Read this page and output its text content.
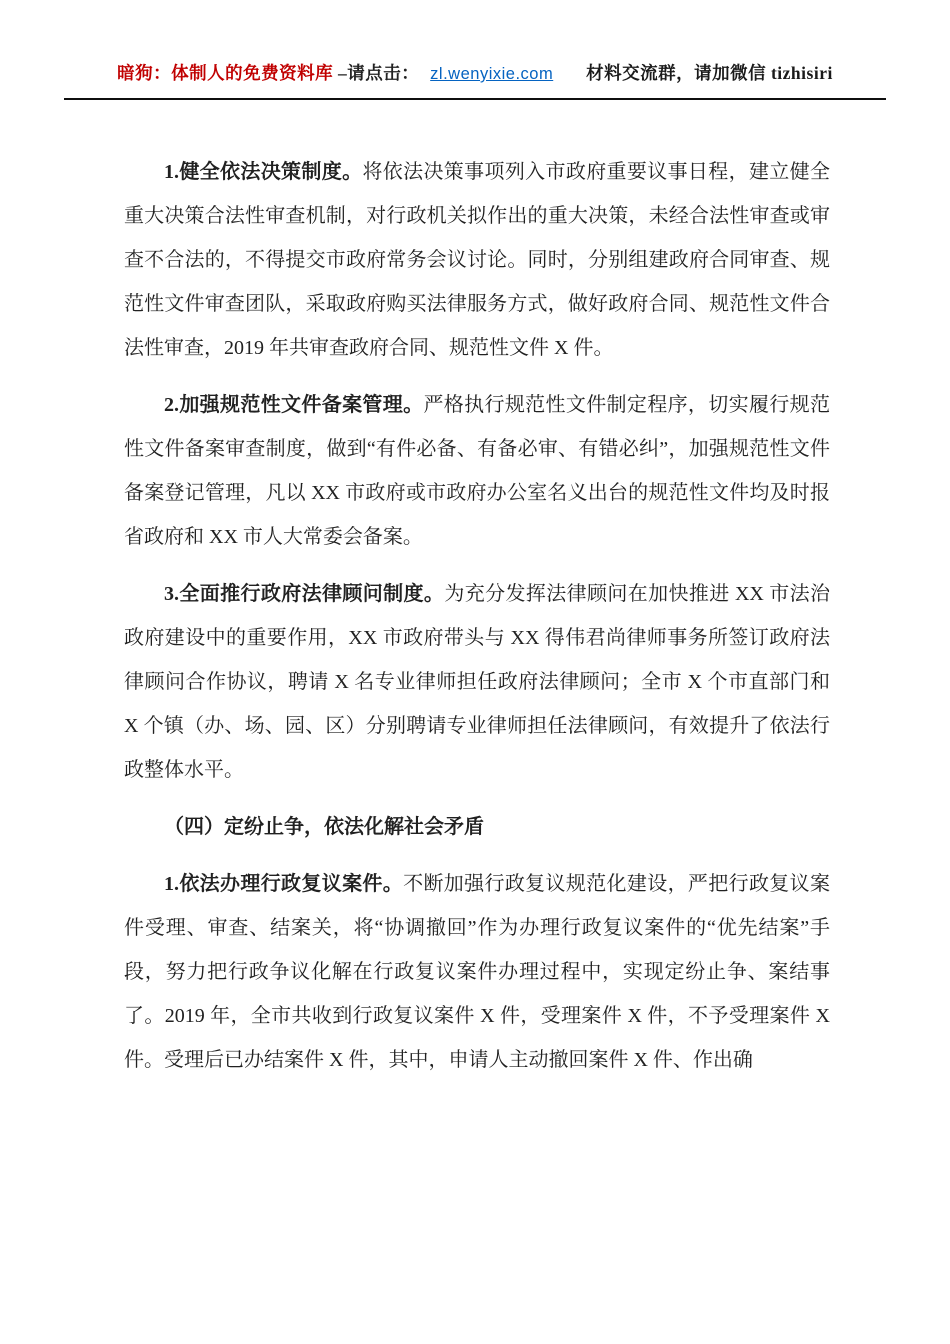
暗狗：体制人的免费资料库 –请点击： zl.wenyixie.com 材料交流群，请加微信 tizhisiri

1.健全依法决策制度。将依法决策事项列入市政府重要议事日程，建立健全重大决策合法性审查机制，对行政机关拟作出的重大决策，未经合法性审查或审查不合法的，不得提交市政府常务会议讨论。同时，分别组建政府合同审查、规范性文件审查团队，采取政府购买法律服务方式，做好政府合同、规范性文件合法性审查，2019 年共审查政府合同、规范性文件 X 件。

2.加强规范性文件备案管理。严格执行规范性文件制定程序，切实履行规范性文件备案审查制度，做到“有件必备、有备必审、有错必纠”，加强规范性文件备案登记管理，凡以 XX 市政府或市政府办公室名义出台的规范性文件均及时报省政府和 XX 市人大常委会备案。

3.全面推行政府法律顾问制度。为充分发挥法律顾问在加快推进 XX 市法治政府建设中的重要作用，XX 市政府带头与 XX 得伟君尚律师事务所签订政府法律顾问合作协议，聘请 X 名专业律师担任政府法律顾问；全市 X 个市直部门和 X 个镇（办、场、园、区）分别聘请专业律师担任法律顾问，有效提升了依法行政整体水平。

（四）定纷止争，依法化解社会矛盾

1.依法办理行政复议案件。不断加强行政复议规范化建设，严把行政复议案件受理、审查、结案关，将“协调撤回”作为办理行政复议案件的“优先结案”手段，努力把行政争议化解在行政复议案件办理过程中，实现定纷止争、案结事了。2019 年，全市共收到行政复议案件 X 件，受理案件 X 件，不予受理案件 X 件。受理后已办结案件 X 件，其中，申请人主动撤回案件 X 件、作出确
